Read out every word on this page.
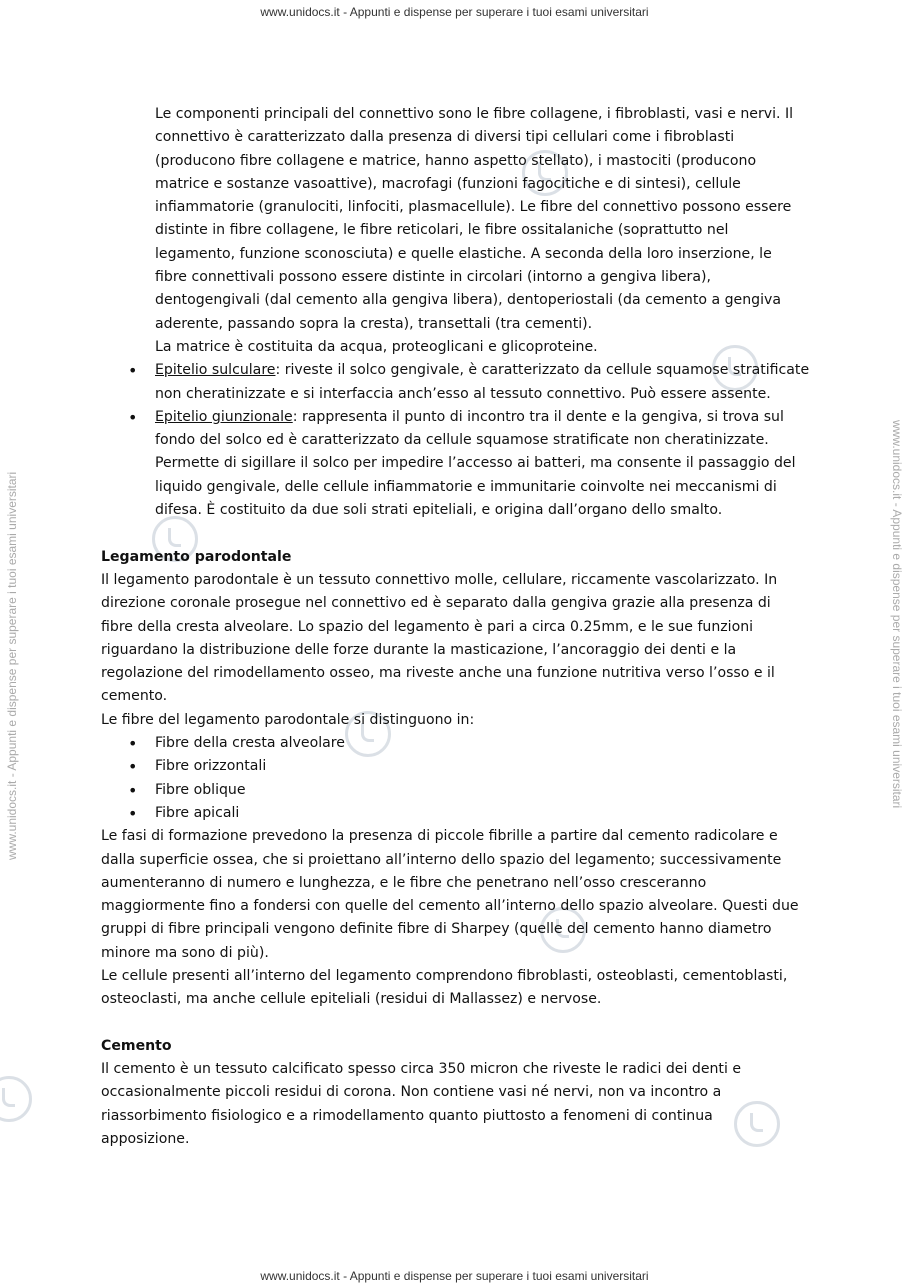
www.unidocs.it - Appunti e dispense per superare i tuoi esami universitari
www.unidocs.it - Appunti e dispense per superare i tuoi esami universitari	www.unidocs.it - Appunti e dispense per superare i tuoi esami universitari
Le componenti principali del connettivo sono le fibre collagene, i fibroblasti, vasi e nervi. Il
connettivo è caratterizzato dalla presenza di diversi tipi cellulari come i fibroblasti
(producono fibre collagene e matrice, hanno aspetto stellato), i mastociti (producono
matrice e sostanze vasoattive), macrofagi (funzioni fagocitiche e di sintesi), cellule
infiammatorie (granulociti, linfociti, plasmacellule). Le fibre del connettivo possono essere
distinte in fibre collagene, le fibre reticolari, le fibre ossitalaniche (soprattutto nel
legamento, funzione sconosciuta) e quelle elastiche. A seconda della loro inserzione, le
fibre connettivali possono essere distinte in circolari (intorno a gengiva libera),
dentogengivali (dal cemento alla gengiva libera), dentoperiostali (da cemento a gengiva
aderente, passando sopra la cresta), transettali (tra cementi).
La matrice è costituita da acqua, proteoglicani e glicoproteine.
• Epitelio sulculare: riveste il solco gengivale, è caratterizzato da cellule squamose stratificate
non cheratinizzate e si interfaccia anch’esso al tessuto connettivo. Può essere assente.
• Epitelio giunzionale: rappresenta il punto di incontro tra il dente e la gengiva, si trova sul
fondo del solco ed è caratterizzato da cellule squamose stratificate non cheratinizzate.
Permette di sigillare il solco per impedire l’accesso ai batteri, ma consente il passaggio del
liquido gengivale, delle cellule infiammatorie e immunitarie coinvolte nei meccanismi di
difesa. È costituito da due soli strati epiteliali, e origina dall’organo dello smalto.
Legamento parodontale
Il legamento parodontale è un tessuto connettivo molle, cellulare, riccamente vascolarizzato. In
direzione coronale prosegue nel connettivo ed è separato dalla gengiva grazie alla presenza di
fibre della cresta alveolare. Lo spazio del legamento è pari a circa 0.25mm, e le sue funzioni
riguardano la distribuzione delle forze durante la masticazione, l’ancoraggio dei denti e la
regolazione del rimodellamento osseo, ma riveste anche una funzione nutritiva verso l’osso e il
cemento.
Le fibre del legamento parodontale si distinguono in:
• Fibre della cresta alveolare
• Fibre orizzontali
• Fibre oblique
• Fibre apicali
Le fasi di formazione prevedono la presenza di piccole fibrille a partire dal cemento radicolare e
dalla superficie ossea, che si proiettano all’interno dello spazio del legamento; successivamente
aumenteranno di numero e lunghezza, e le fibre che penetrano nell’osso cresceranno
maggiormente fino a fondersi con quelle del cemento all’interno dello spazio alveolare. Questi due
gruppi di fibre principali vengono definite fibre di Sharpey (quelle del cemento hanno diametro
minore ma sono di più).
Le cellule presenti all’interno del legamento comprendono fibroblasti, osteoblasti, cementoblasti,
osteoclasti, ma anche cellule epiteliali (residui di Mallassez) e nervose.
Cemento
Il cemento è un tessuto calcificato spesso circa 350 micron che riveste le radici dei denti e
occasionalmente piccoli residui di corona. Non contiene vasi né nervi, non va incontro a
riassorbimento fisiologico e a rimodellamento quanto piuttosto a fenomeni di continua
apposizione.
www.unidocs.it - Appunti e dispense per superare i tuoi esami universitari
